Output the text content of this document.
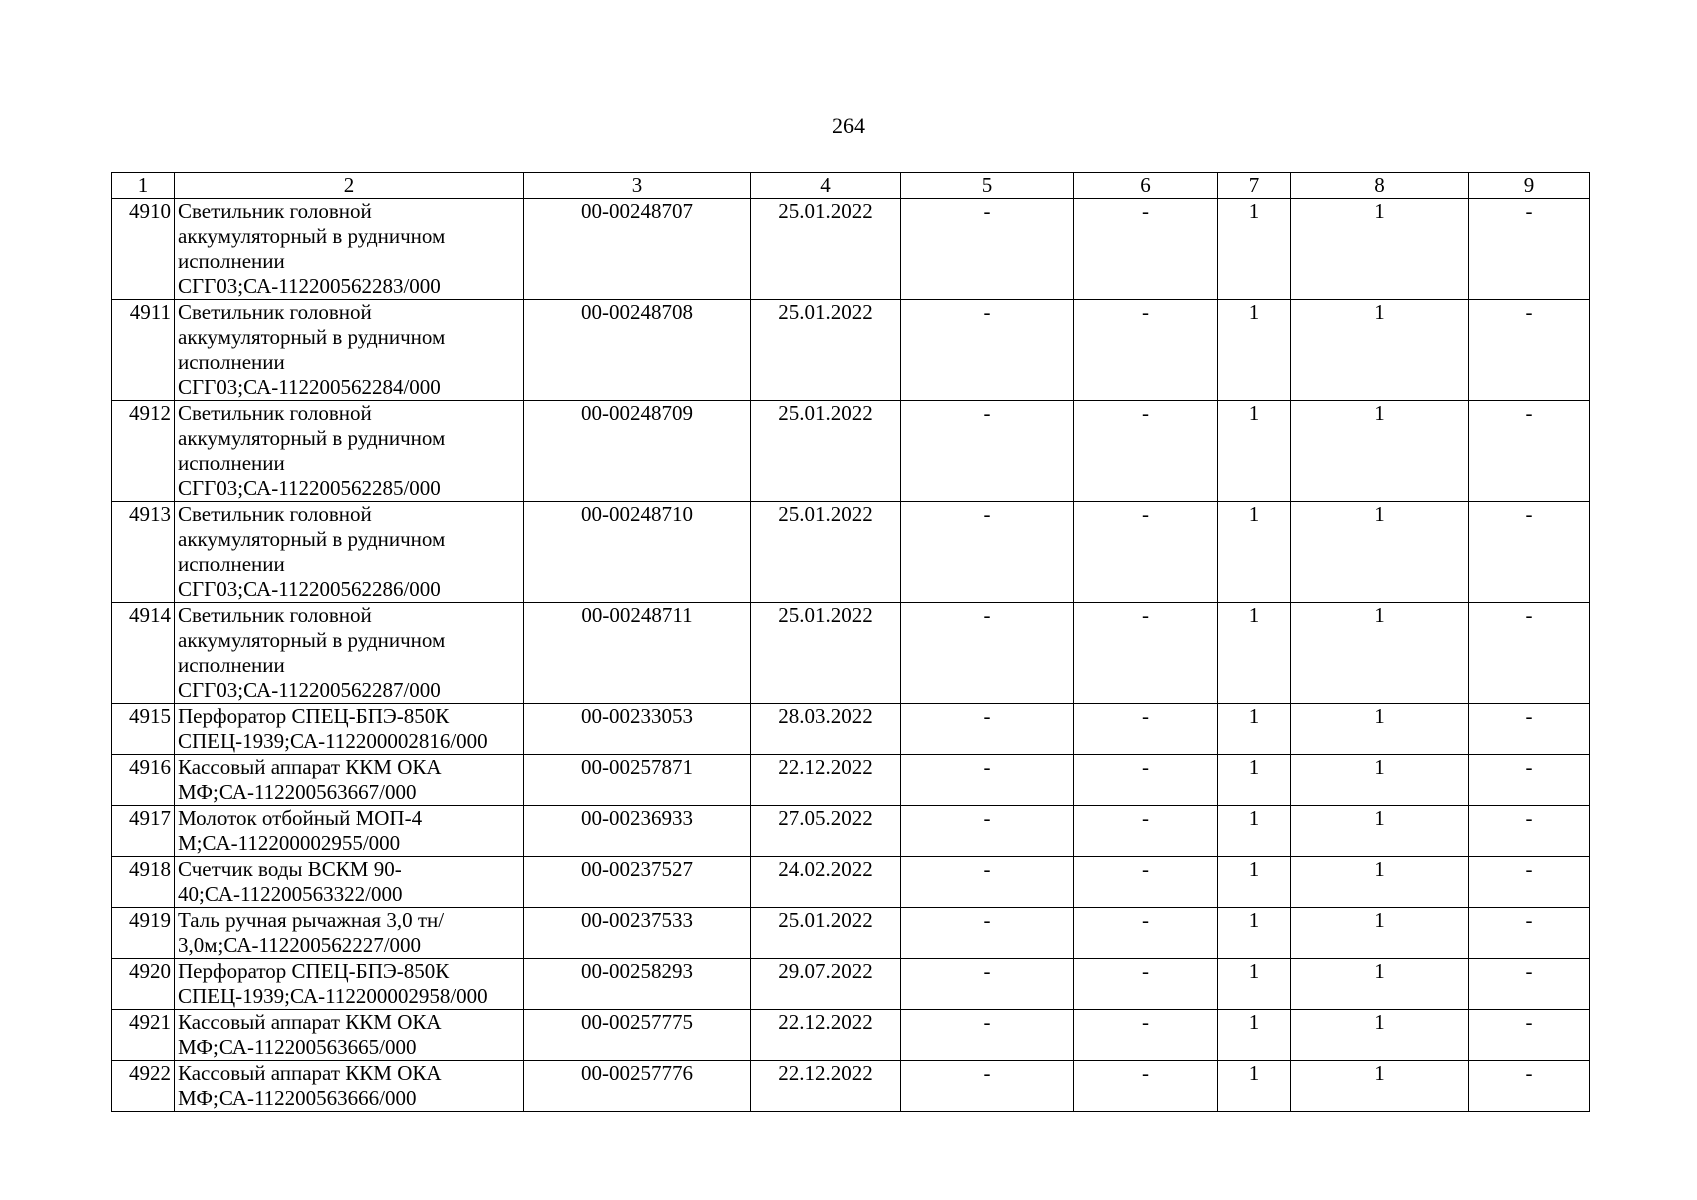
264
1	2	3	4	5	6	7	8	9
4910	Светильник головной
аккумуляторный в рудничном
исполнении
СГГ03;СА-112200562283/000	00-00248707	25.01.2022	-	-	1	1	-
4911	Светильник головной
аккумуляторный в рудничном
исполнении
СГГ03;СА-112200562284/000	00-00248708	25.01.2022	-	-	1	1	-
4912	Светильник головной
аккумуляторный в рудничном
исполнении
СГГ03;СА-112200562285/000	00-00248709	25.01.2022	-	-	1	1	-
4913	Светильник головной
аккумуляторный в рудничном
исполнении
СГГ03;СА-112200562286/000	00-00248710	25.01.2022	-	-	1	1	-
4914	Светильник головной
аккумуляторный в рудничном
исполнении
СГГ03;СА-112200562287/000	00-00248711	25.01.2022	-	-	1	1	-
4915	Перфоратор СПЕЦ-БПЭ-850К
СПЕЦ-1939;СА-112200002816/000	00-00233053	28.03.2022	-	-	1	1	-
4916	Кассовый аппарат ККМ ОКА
МФ;СА-112200563667/000	00-00257871	22.12.2022	-	-	1	1	-
4917	Молоток отбойный МОП-4
М;СА-112200002955/000	00-00236933	27.05.2022	-	-	1	1	-
4918	Счетчик воды ВСКМ 90-
40;СА-112200563322/000	00-00237527	24.02.2022	-	-	1	1	-
4919	Таль ручная рычажная 3,0 тн/
3,0м;СА-112200562227/000	00-00237533	25.01.2022	-	-	1	1	-
4920	Перфоратор СПЕЦ-БПЭ-850К
СПЕЦ-1939;СА-112200002958/000	00-00258293	29.07.2022	-	-	1	1	-
4921	Кассовый аппарат ККМ ОКА
МФ;СА-112200563665/000	00-00257775	22.12.2022	-	-	1	1	-
4922	Кассовый аппарат ККМ ОКА
МФ;СА-112200563666/000	00-00257776	22.12.2022	-	-	1	1	-
